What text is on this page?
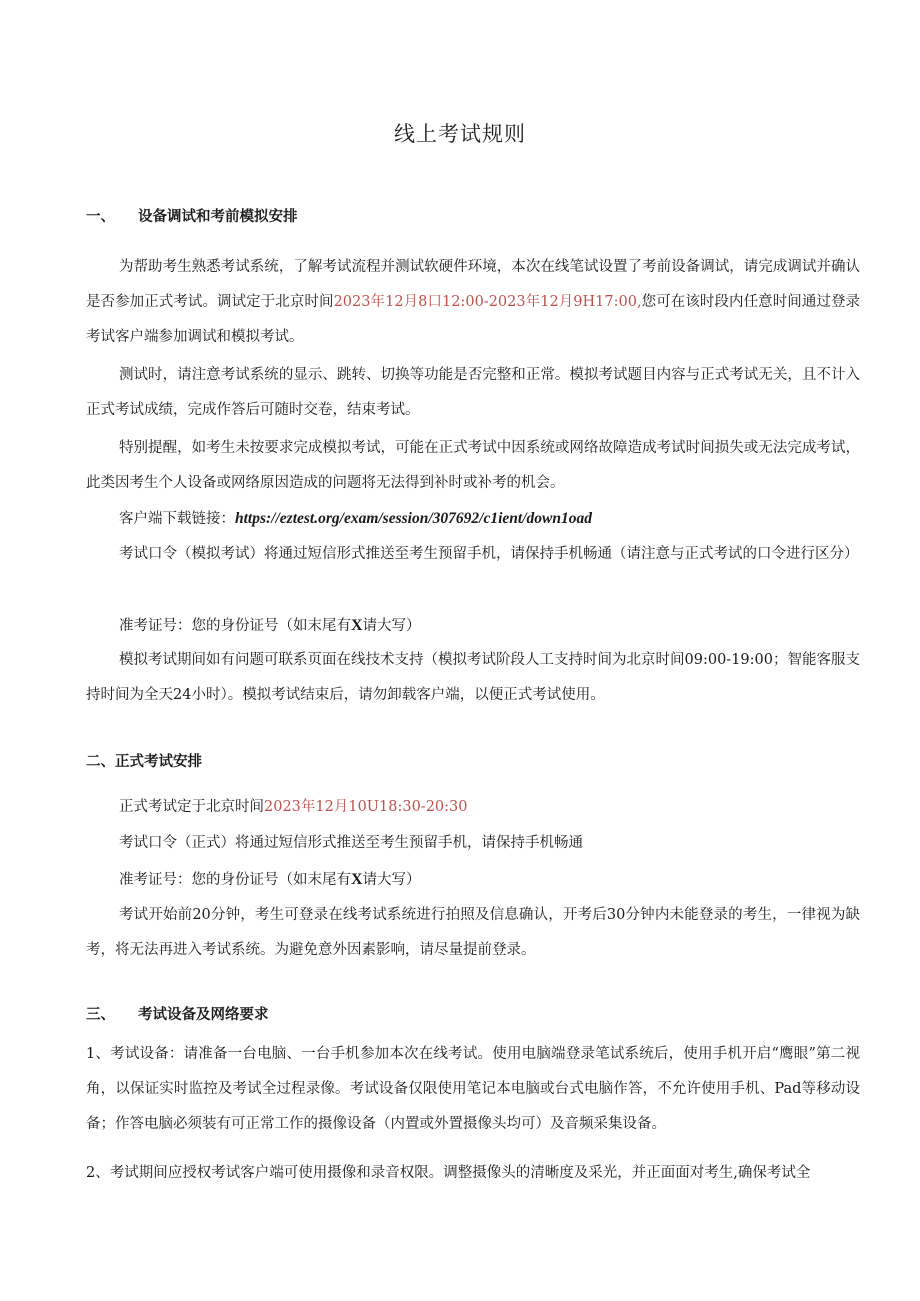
线上考试规则
一、 设备调试和考前模拟安排

为帮助考生熟悉考试系统，了解考试流程并测试软硬件环境，本次在线笔试设置了考前设备调试，请完成调试并确认是否参加正式考试。调试定于北京时间2023年12月8口12:00-2023年12月9H17:00,您可在该时段内任意时间通过登录考试客户端参加调试和模拟考试。

测试时，请注意考试系统的显示、跳转、切换等功能是否完整和正常。模拟考试题目内容与正式考试无关，且不计入正式考试成绩，完成作答后可随时交卷，结束考试。

特别提醒，如考生未按要求完成模拟考试，可能在正式考试中因系统或网络故障造成考试时间损失或无法完成考试，此类因考生个人设备或网络原因造成的问题将无法得到补时或补考的机会。

客户端下载链接：https://eztest.org/exam/session/307692/c1ient/down1oad

考试口令（模拟考试）将通过短信形式推送至考生预留手机，请保持手机畅通（请注意与正式考试的口令进行区分）

准考证号：您的身份证号（如末尾有X请大写）

模拟考试期间如有问题可联系页面在线技术支持（模拟考试阶段人工支持时间为北京时间09:00-19:00；智能客服支持时间为全天24小时）。模拟考试结束后，请勿卸载客户端，以便正式考试使用。

二、正式考试安排

正式考试定于北京时间2023年12月10U18:30-20:30

考试口令（正式）将通过短信形式推送至考生预留手机，请保持手机畅通

准考证号：您的身份证号（如末尾有X请大写）

考试开始前20分钟，考生可登录在线考试系统进行拍照及信息确认，开考后30分钟内未能登录的考生，一律视为缺考，将无法再进入考试系统。为避免意外因素影响，请尽量提前登录。

三、 考试设备及网络要求

1、考试设备：请准备一台电脑、一台手机参加本次在线考试。使用电脑端登录笔试系统后，使用手机开启“鹰眼”第二视角，以保证实时监控及考试全过程录像。考试设备仅限使用笔记本电脑或台式电脑作答，不允许使用手机、Pad等移动设备；作答电脑必须装有可正常工作的摄像设备（内置或外置摄像头均可）及音频采集设备。

2、考试期间应授权考试客户端可使用摄像和录音权限。调整摄像头的清晰度及采光，并正面面对考生,确保考试全
